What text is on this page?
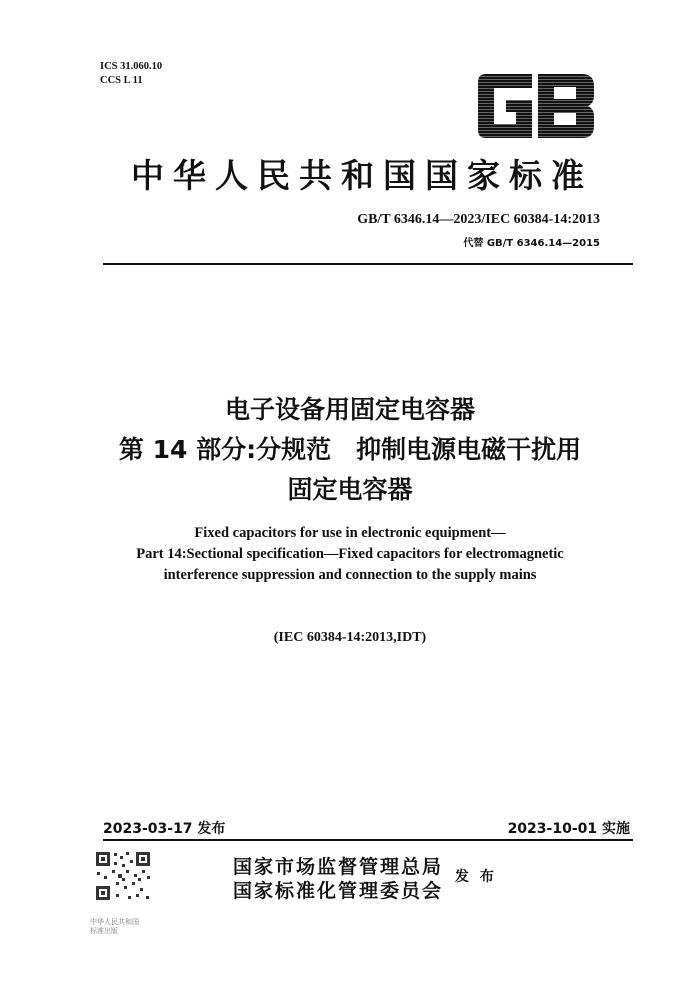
ICS 31.060.10
CCS L 11
中华人民共和国国家标准
GB/T 6346.14—2023/IEC 60384-14:2013
代替 GB/T 6346.14—2015
电子设备用固定电容器
第 14 部分:分规范　抑制电源电磁干扰用
固定电容器
Fixed capacitors for use in electronic equipment—
Part 14:Sectional specification—Fixed capacitors for electromagnetic
interference suppression and connection to the supply mains
(IEC 60384-14:2013,IDT)
2023-03-17 发布	2023-10-01 实施
国家市场监督管理总局
国家标准化管理委员会
发 布
中华人民共和国
标准出版
